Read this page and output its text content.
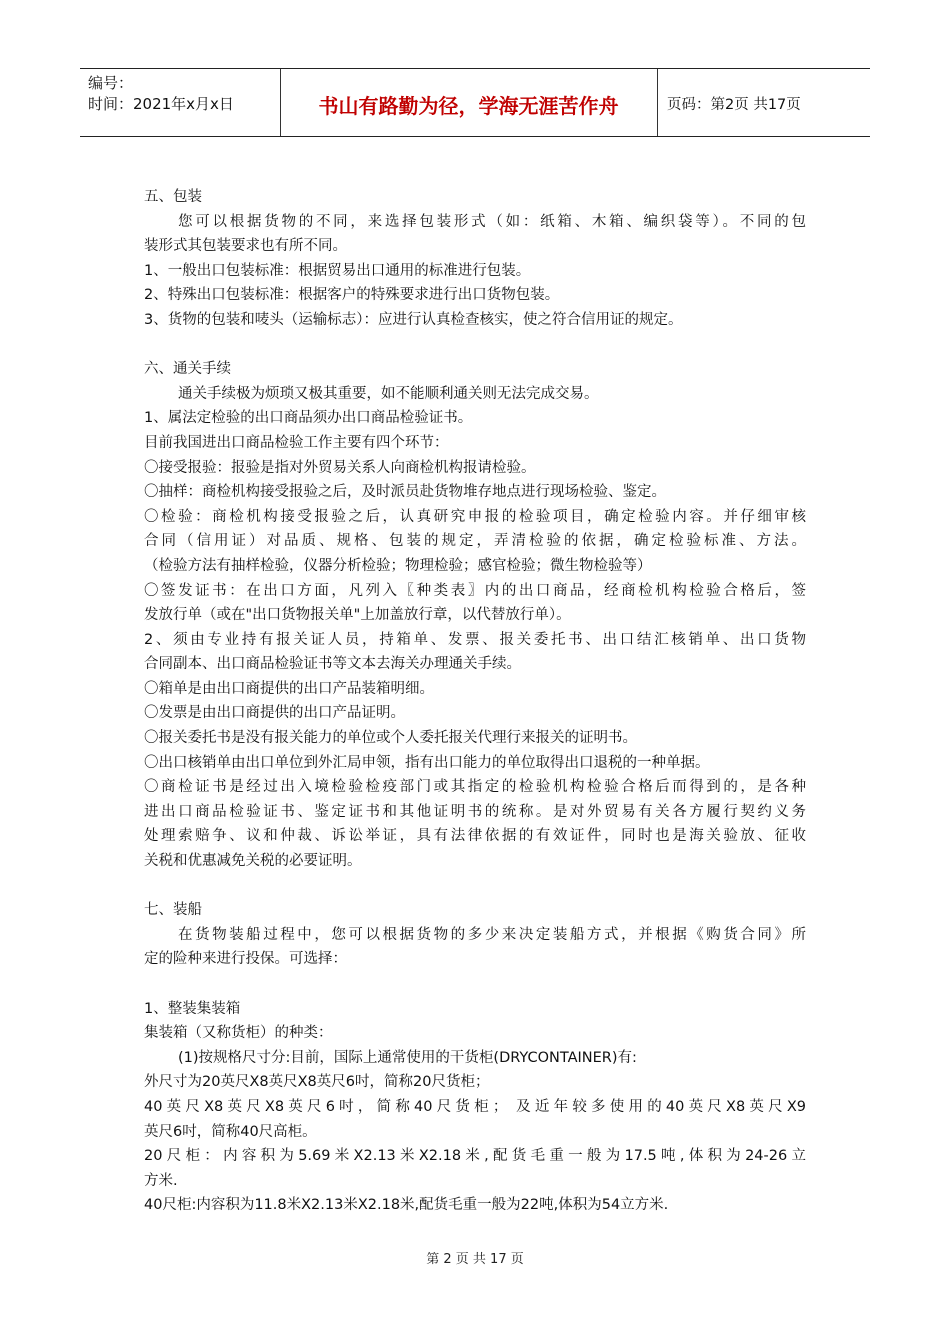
编号：
时间：2021年x月x日	书山有路勤为径，学海无涯苦作舟	页码：第2页 共17页
五、包装
您可以根据货物的不同，来选择包装形式（如：纸箱、木箱、编织袋等）。不同的包
装形式其包装要求也有所不同。
1、一般出口包装标准：根据贸易出口通用的标准进行包装。
2、特殊出口包装标准：根据客户的特殊要求进行出口货物包装。
3、货物的包装和唛头（运输标志）：应进行认真检查核实，使之符合信用证的规定。
六、通关手续
通关手续极为烦琐又极其重要，如不能顺利通关则无法完成交易。
1、属法定检验的出口商品须办出口商品检验证书。
目前我国进出口商品检验工作主要有四个环节：
〇接受报验：报验是指对外贸易关系人向商检机构报请检验。
〇抽样：商检机构接受报验之后，及时派员赴货物堆存地点进行现场检验、鉴定。
〇检验：商检机构接受报验之后，认真研究申报的检验项目，确定检验内容。并仔细审核
合同（信用证）对品质、规格、包装的规定，弄清检验的依据，确定检验标准、方法。
（检验方法有抽样检验，仪器分析检验；物理检验；感官检验；微生物检验等）
〇签发证书：在出口方面，凡列入〖种类表〗内的出口商品，经商检机构检验合格后，签
发放行单（或在"出口货物报关单"上加盖放行章，以代替放行单）。
2、须由专业持有报关证人员，持箱单、发票、报关委托书、出口结汇核销单、出口货物
合同副本、出口商品检验证书等文本去海关办理通关手续。
〇箱单是由出口商提供的出口产品装箱明细。
〇发票是由出口商提供的出口产品证明。
〇报关委托书是没有报关能力的单位或个人委托报关代理行来报关的证明书。
〇出口核销单由出口单位到外汇局申领，指有出口能力的单位取得出口退税的一种单据。
〇商检证书是经过出入境检验检疫部门或其指定的检验机构检验合格后而得到的，是各种
进出口商品检验证书、鉴定证书和其他证明书的统称。是对外贸易有关各方履行契约义务
处理索赔争、议和仲裁、诉讼举证，具有法律依据的有效证件，同时也是海关验放、征收
关税和优惠减免关税的必要证明。
七、装船
在货物装船过程中，您可以根据货物的多少来决定装船方式，并根据《购货合同》所
定的险种来进行投保。可选择：
1、整装集装箱
集装箱（又称货柜）的种类：
(1)按规格尺寸分:目前，国际上通常使用的干货柜(DRYCONTAINER)有:
外尺寸为20英尺X8英尺X8英尺6吋，简称20尺货柜；
40英尺X8英尺X8英尺6吋，简称40尺货柜； 及近年较多使用的40英尺X8英尺X9
英尺6吋，简称40尺高柜。
20尺柜：内容积为5.69米X2.13米X2.18米,配货毛重一般为17.5吨,体积为24-26立
方米.
40尺柜:内容积为11.8米X2.13米X2.18米,配货毛重一般为22吨,体积为54立方米.
第 2 页 共 17 页
